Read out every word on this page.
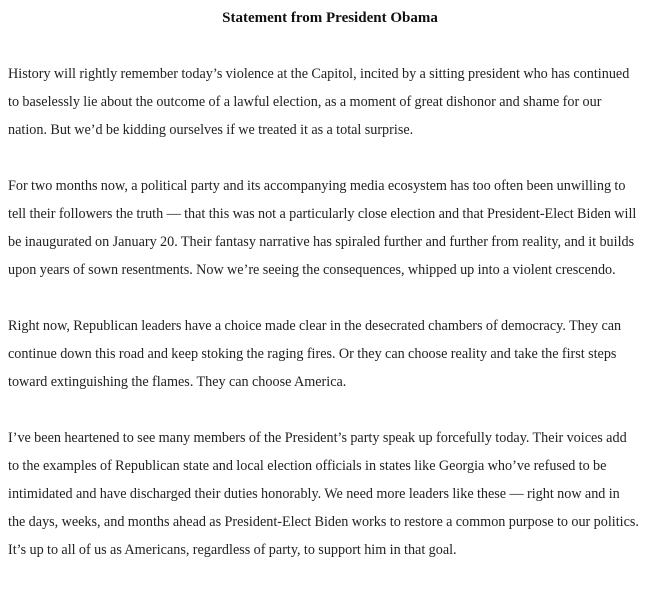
Statement from President Obama

History will rightly remember today’s violence at the Capitol, incited by a sitting president who has continued to baselessly lie about the outcome of a lawful election, as a moment of great dishonor and shame for our nation. But we’d be kidding ourselves if we treated it as a total surprise.

For two months now, a political party and its accompanying media ecosystem has too often been unwilling to tell their followers the truth — that this was not a particularly close election and that President-Elect Biden will be inaugurated on January 20. Their fantasy narrative has spiraled further and further from reality, and it builds upon years of sown resentments. Now we’re seeing the consequences, whipped up into a violent crescendo.

Right now, Republican leaders have a choice made clear in the desecrated chambers of democracy. They can continue down this road and keep stoking the raging fires. Or they can choose reality and take the first steps toward extinguishing the flames. They can choose America.

I’ve been heartened to see many members of the President’s party speak up forcefully today. Their voices add to the examples of Republican state and local election officials in states like Georgia who’ve refused to be intimidated and have discharged their duties honorably. We need more leaders like these — right now and in the days, weeks, and months ahead as President-Elect Biden works to restore a common purpose to our politics. It’s up to all of us as Americans, regardless of party, to support him in that goal.
